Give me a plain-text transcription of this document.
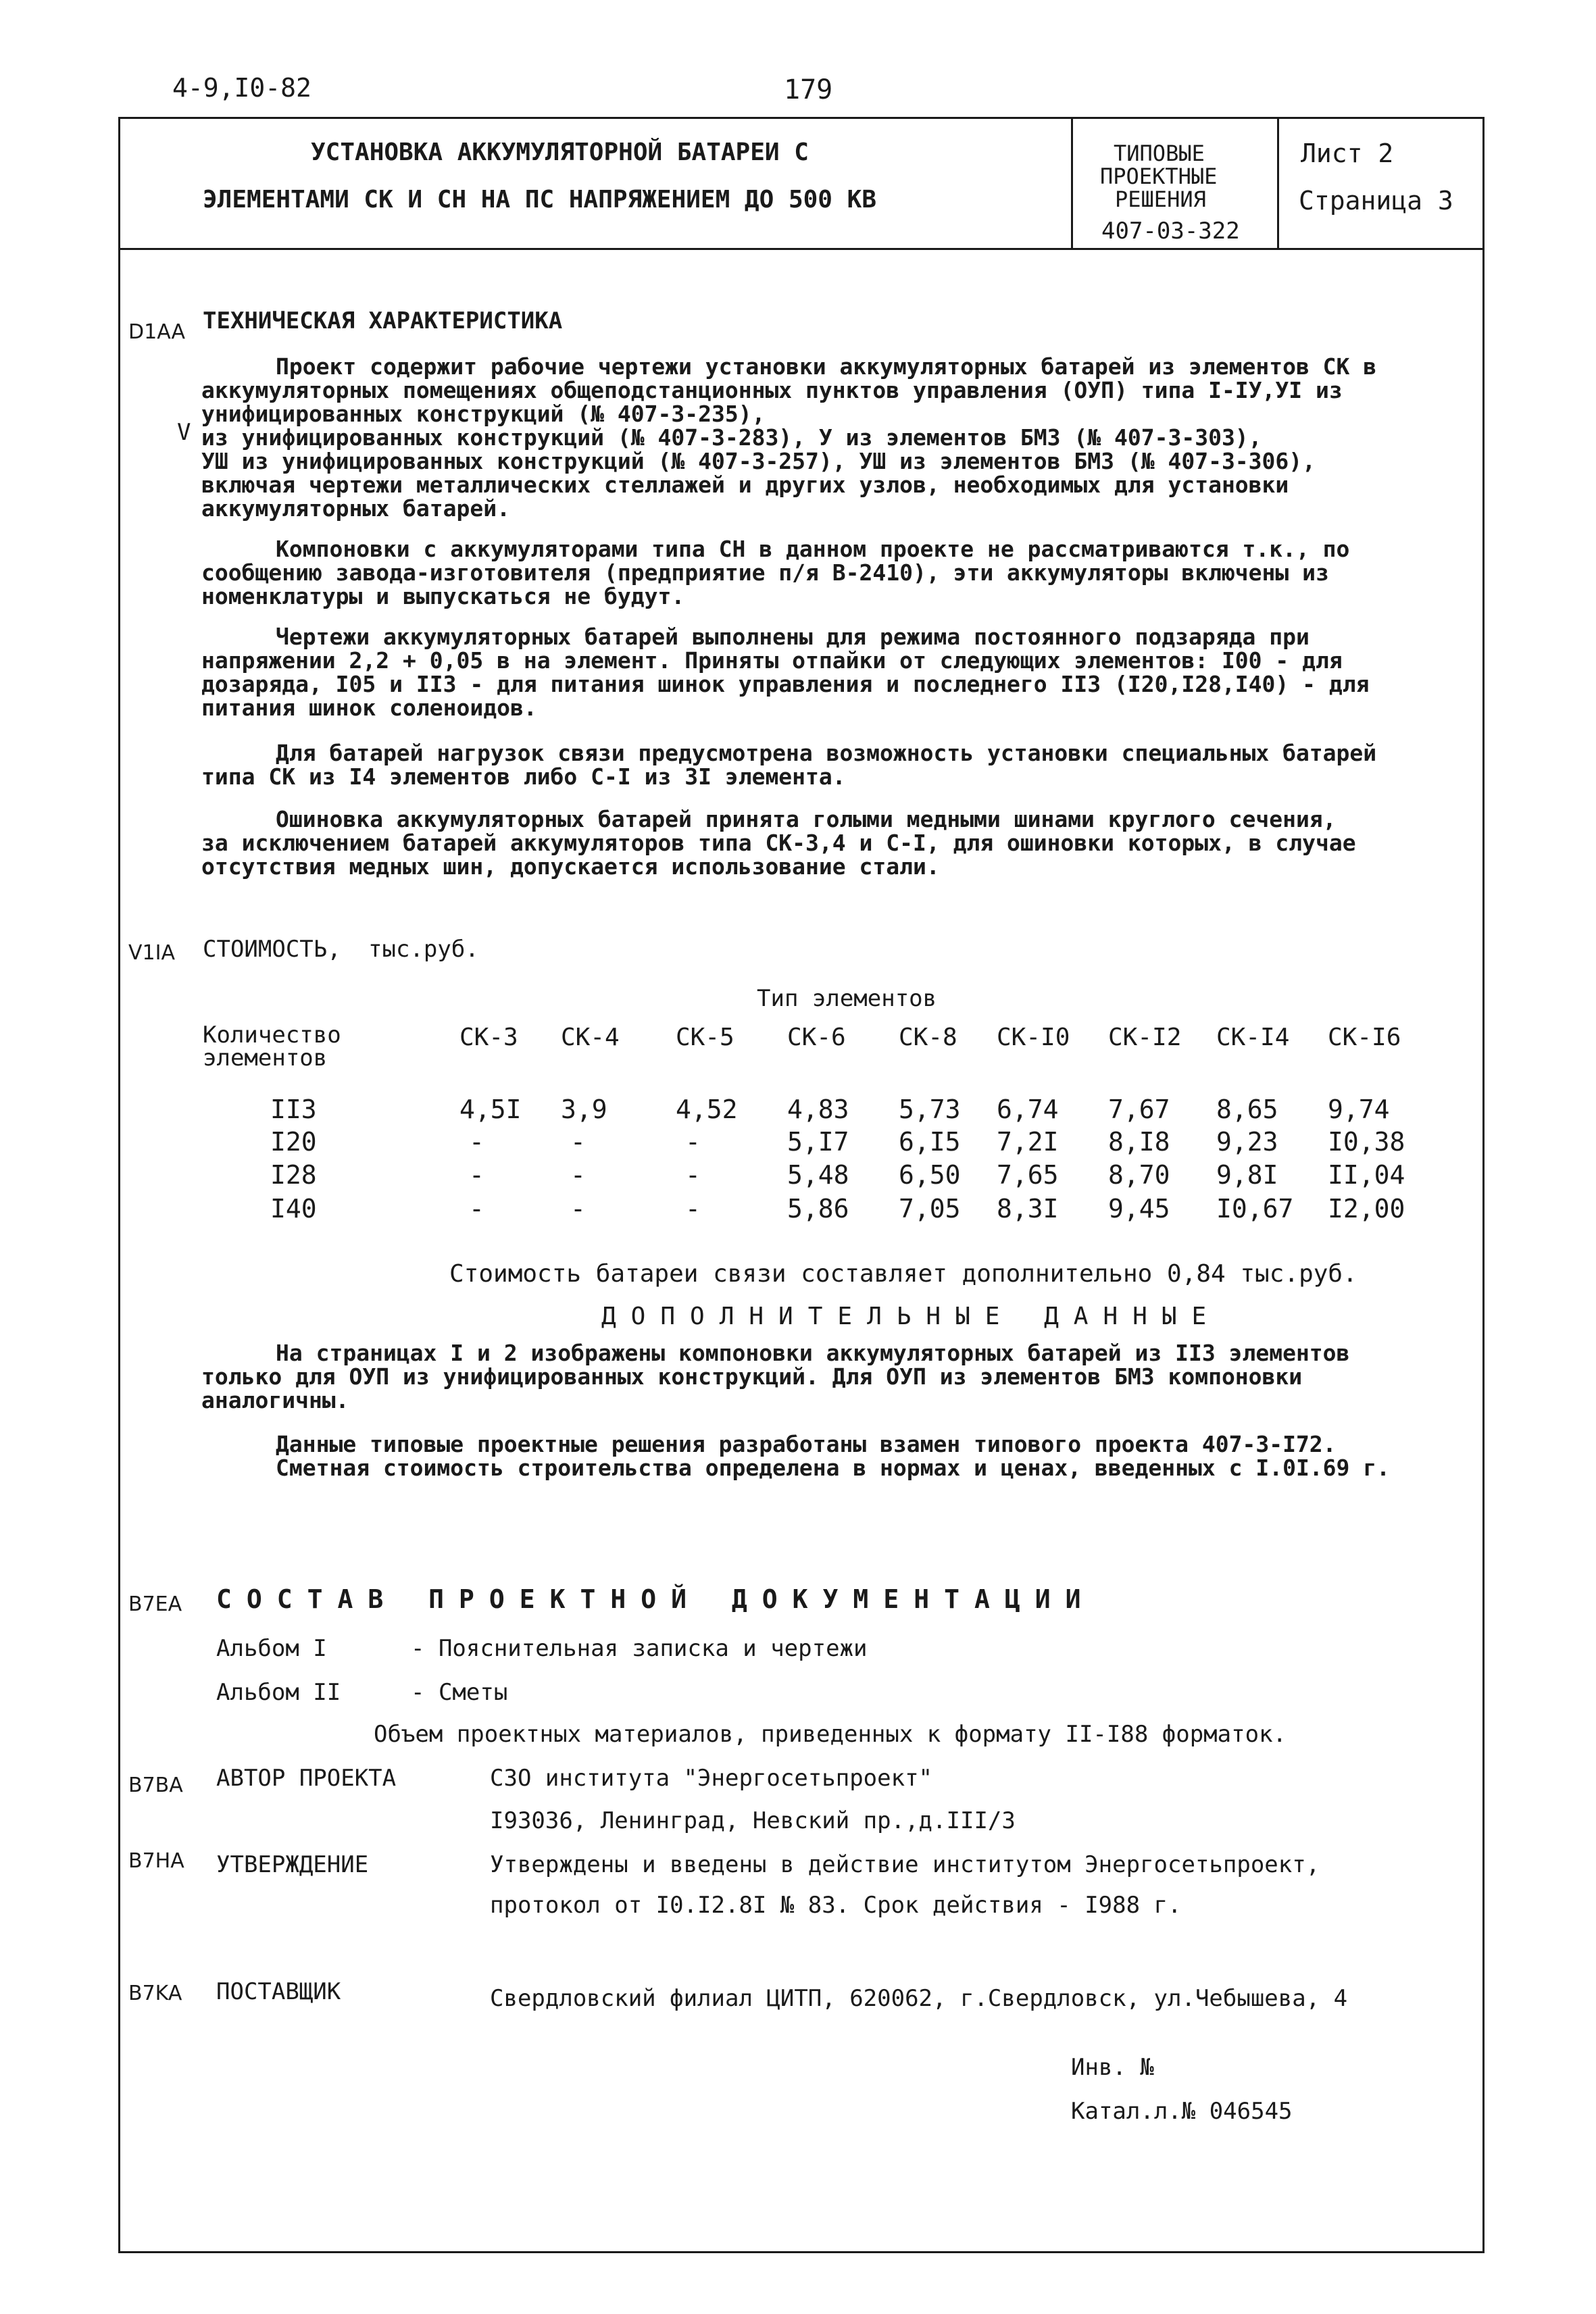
4-9,I0-82	179
УСТАНОВКА АККУМУЛЯТОРНОЙ БАТАРЕИ С
ЭЛЕМЕНТАМИ СК И СН НА ПС НАПРЯЖЕНИЕМ ДО 500 КВ
ТИПОВЫЕ
ПРОЕКТНЫЕ
РЕШЕНИЯ
407-03-322
Лист 2
Страница 3
D1AA ТЕХНИЧЕСКАЯ ХАРАКТЕРИСТИКА
V

Проект содержит рабочие чертежи установки аккумуляторных батарей из элементов СК в

аккумуляторных помещениях общеподстанционных пунктов управления (ОУП) типа I-IУ,УI из

унифицированных конструкций (№ 407-3-235),

из унифицированных конструкций (№ 407-3-283), У из элементов БМЗ (№ 407-3-303),

УШ из унифицированных конструкций (№ 407-3-257), УШ из элементов БМЗ (№ 407-3-306),

включая чертежи металлических стеллажей и других узлов, необходимых для установки

аккумуляторных батарей.

Компоновки с аккумуляторами типа СН в данном проекте не рассматриваются т.к., по

сообщению завода-изготовителя (предприятие п/я В-2410), эти аккумуляторы включены из

номенклатуры и выпускаться не будут.

Чертежи аккумуляторных батарей выполнены для режима постоянного подзаряда при

напряжении 2,2 + 0,05 в на элемент. Приняты отпайки от следующих элементов: I00 - для

дозаряда, I05 и II3 - для питания шинок управления и последнего II3 (I20,I28,I40) - для

питания шинок соленоидов.

Для батарей нагрузок связи предусмотрена возможность установки специальных батарей

типа СК из I4 элементов либо С-I из 3I элемента.

Ошиновка аккумуляторных батарей принята голыми медными шинами круглого сечения,

за исключением батарей аккумуляторов типа СК-3,4 и С-I, для ошиновки которых, в случае

отсутствия медных шин, допускается использование стали.

V1IA СТОИМОСТЬ, тыс.руб.
Тип элементов
Количество
элементов
СК-3 СК-4 СК-5 СК-6 СК-8 СК-I0 СК-I2 СК-I4 СК-I6
II3	4,5I 3,9	4,52 4,83 5,73 6,74 7,67 8,65 9,74
I20	-	-	-	5,I7 6,I5 7,2I 8,I8 9,23 I0,38
I28	-	-	-	5,48 6,50 7,65 8,70 9,8I II,04
I40	-	-	-	5,86 7,05 8,3I 9,45 I0,67 I2,00
Стоимость батареи связи составляет дополнительно 0,84 тыс.руб.
ДОПОЛНИТЕЛЬНЫЕ ДАННЫЕ

На страницах I и 2 изображены компоновки аккумуляторных батарей из II3 элементов

только для ОУП из унифицированных конструкций. Для ОУП из элементов БМЗ компоновки

аналогичны.

Данные типовые проектные решения разработаны взамен типового проекта 407-3-I72.

Сметная стоимость строительства определена в нормах и ценах, введенных с I.0I.69 г.

B7EA СОСТАВ ПРОЕКТНОЙ ДОКУМЕНТАЦИИ
Альбом I	- Пояснительная записка и чертежи
Альбом II	- Сметы
Объем проектных материалов, приведенных к формату II-I88 форматок.
B7BA АВТОР ПРОЕКТА	СЗО института "Энергосетьпроект"
I93036, Ленинград, Невский пр.,д.III/3
B7HA УТВЕРЖДЕНИЕ	Утверждены и введены в действие институтом Энергосетьпроект,
протокол от I0.I2.8I № 83. Срок действия - I988 г.
B7KA ПОСТАВЩИК	Свердловский филиал ЦИТП, 620062, г.Свердловск, ул.Чебышева, 4
Инв. №
Катал.л.№ 046545
